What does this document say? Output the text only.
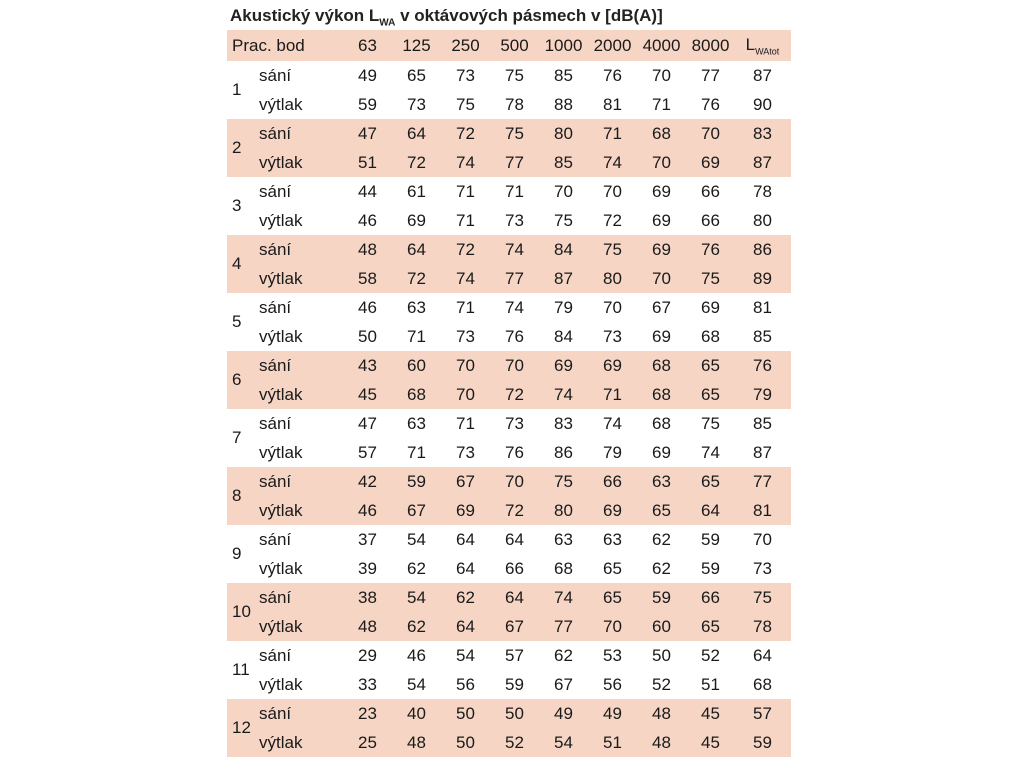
Akustický výkon $L_{WA}$ v oktávových pásmech v [dB(A)]
Prac. bod	63	125	250	500 1000 2000 4000 8000 $L_{WAtot}$
1
sání	49	65	73	75	85	76	70	77	87
výtlak	59	73	75	78	88	81	71	76	90
2
sání	47	64	72	75	80	71	68	70	83
výtlak	51	72	74	77	85	74	70	69	87
3
sání	44	61	71	71	70	70	69	66	78
výtlak	46	69	71	73	75	72	69	66	80
4
sání	48	64	72	74	84	75	69	76	86
výtlak	58	72	74	77	87	80	70	75	89
5
sání	46	63	71	74	79	70	67	69	81
výtlak	50	71	73	76	84	73	69	68	85
6
sání	43	60	70	70	69	69	68	65	76
výtlak	45	68	70	72	74	71	68	65	79
7
sání	47	63	71	73	83	74	68	75	85
výtlak	57	71	73	76	86	79	69	74	87
8
sání	42	59	67	70	75	66	63	65	77
výtlak	46	67	69	72	80	69	65	64	81
9
sání	37	54	64	64	63	63	62	59	70
výtlak	39	62	64	66	68	65	62	59	73
10
sání	38	54	62	64	74	65	59	66	75
výtlak	48	62	64	67	77	70	60	65	78
11
sání	29	46	54	57	62	53	50	52	64
výtlak	33	54	56	59	67	56	52	51	68
12
sání	23	40	50	50	49	49	48	45	57
výtlak	25	48	50	52	54	51	48	45	59
